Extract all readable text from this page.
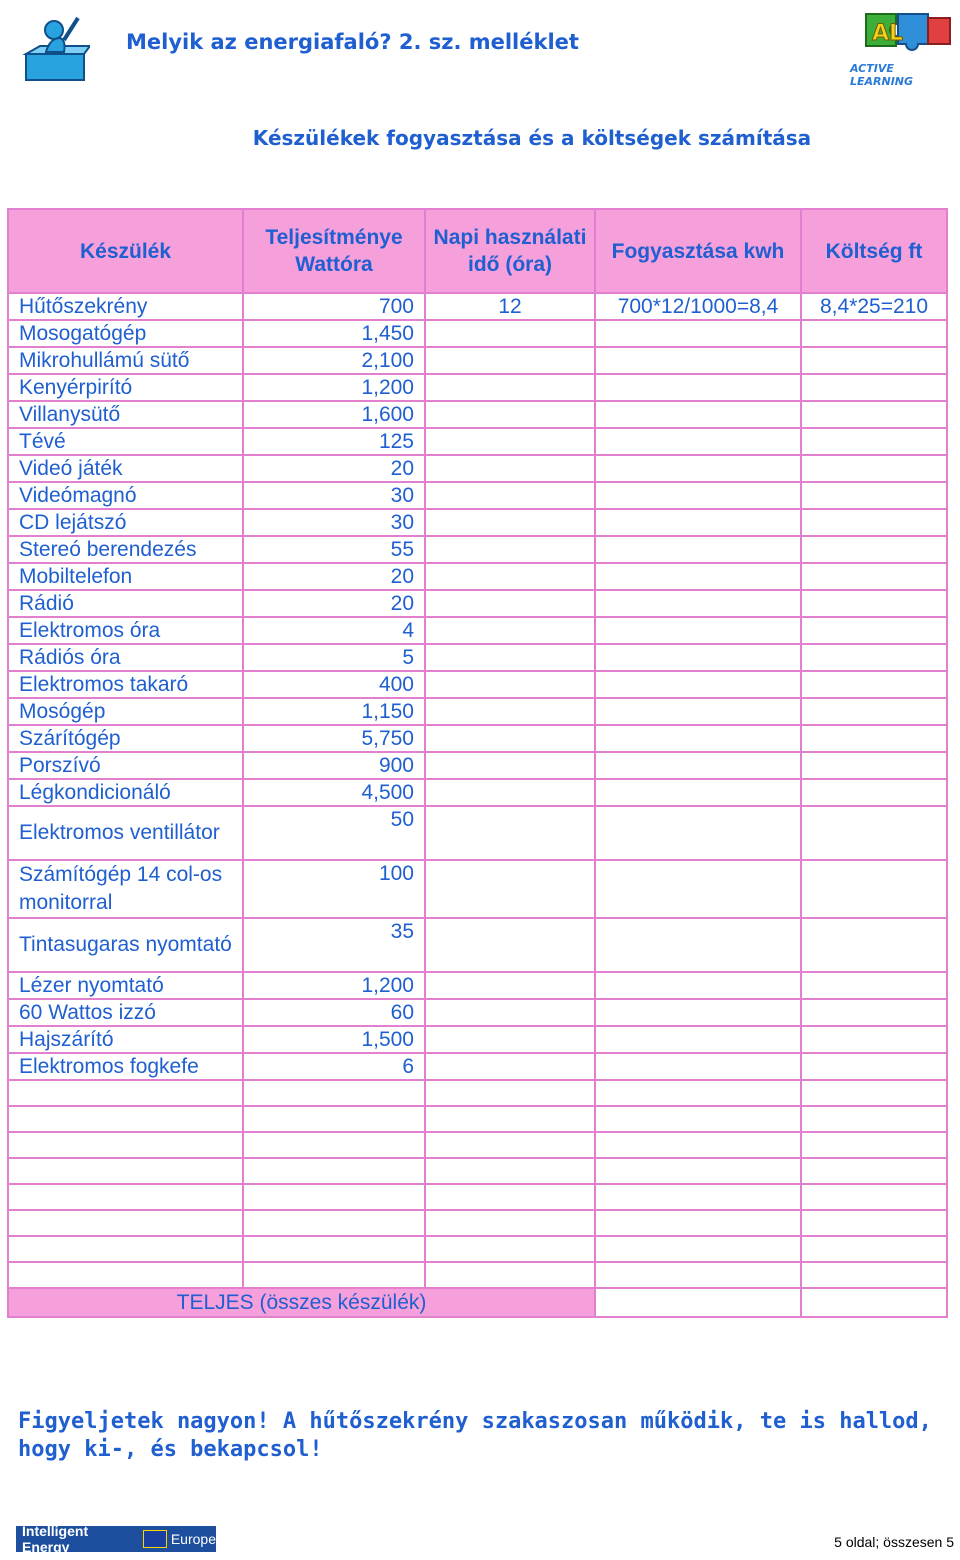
Melyik az energiafaló? 2. sz. melléklet	AL
ACTIVE LEARNING
Készülékek fogyasztása és a költségek számítása
Készülék	Teljesítménye Wattóra	Napi használati idő (óra)	Fogyasztása kwh	Költség ft
Hűtőszekrény	700	12	700*12/1000=8,4	8,4*25=210
Mosogatógép	1,450			
Mikrohullámú sütő	2,100			
Kenyérpirító	1,200			
Villanysütő	1,600			
Tévé	125			
Videó játék	20			
Videómagnó	30			
CD lejátszó	30			
Stereó berendezés	55			
Mobiltelefon	20			
Rádió	20			
Elektromos óra	4			
Rádiós óra	5			
Elektromos takaró	400			
Mosógép	1,150			
Szárítógép	5,750			
Porszívó	900			
Légkondicionáló	4,500			
Elektromos ventillátor	50			
Számítógép 14 col-os monitorral	100			
Tintasugaras nyomtató	35			
Lézer nyomtató	1,200			
60 Wattos izzó	60			
Hajszárító	1,500			
Elektromos fogkefe	6			

TELJES (összes készülék)				
Figyeljetek nagyon! A hűtőszekrény szakaszosan működik, te is hallod, hogy ki-, és bekapcsol!
Intelligent Energy	Europe	5 oldal; összesen 5
